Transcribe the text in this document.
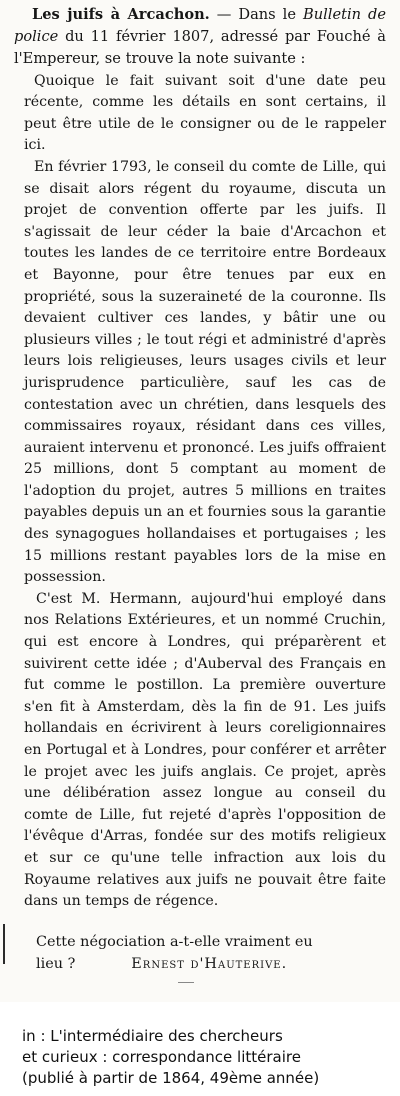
Les juifs à Arcachon. — Dans le Bulletin de police du 11 février 1807, adressé par Fouché à l'Empereur, se trouve la note suivante :

Quoique le fait suivant soit d'une date peu récente, comme les détails en sont certains, il peut être utile de le consigner ou de le rappeler ici.

En février 1793, le conseil du comte de Lille, qui se disait alors régent du royaume, discuta un projet de convention offerte par les juifs. Il s'agissait de leur céder la baie d'Arcachon et toutes les landes de ce territoire entre Bordeaux et Bayonne, pour être tenues par eux en propriété, sous la suzeraineté de la couronne. Ils devaient cultiver ces landes, y bâtir une ou plusieurs villes ; le tout régi et administré d'après leurs lois religieuses, leurs usages civils et leur jurisprudence particulière, sauf les cas de contestation avec un chrétien, dans lesquels des commissaires royaux, résidant dans ces villes, auraient intervenu et prononcé. Les juifs offraient 25 millions, dont 5 comptant au moment de l'adoption du projet, autres 5 millions en traites payables depuis un an et fournies sous la garantie des synagogues hollandaises et portugaises ; les 15 millions restant payables lors de la mise en possession.

C'est M. Hermann, aujourd'hui employé dans nos Relations Extérieures, et un nommé Cruchin, qui est encore à Londres, qui préparèrent et suivirent cette idée ; d'Auberval des Français en fut comme le postillon. La première ouverture s'en fit à Amsterdam, dès la fin de 91. Les juifs hollandais en écrivirent à leurs coreligionnaires en Portugal et à Londres, pour conférer et arrêter le projet avec les juifs anglais. Ce projet, après une délibération assez longue au conseil du comte de Lille, fut rejeté d'après l'opposition de l'évêque d'Arras, fondée sur des motifs religieux et sur ce qu'une telle infraction aux lois du Royaume relatives aux juifs ne pouvait être faite dans un temps de régence.

Cette négociation a-t-elle vraiment eu
lieu ?	Ernest d'Hauterive.
in : L'intermédiaire des chercheurs
et curieux : correspondance littéraire
(publié à partir de 1864, 49ème année)
